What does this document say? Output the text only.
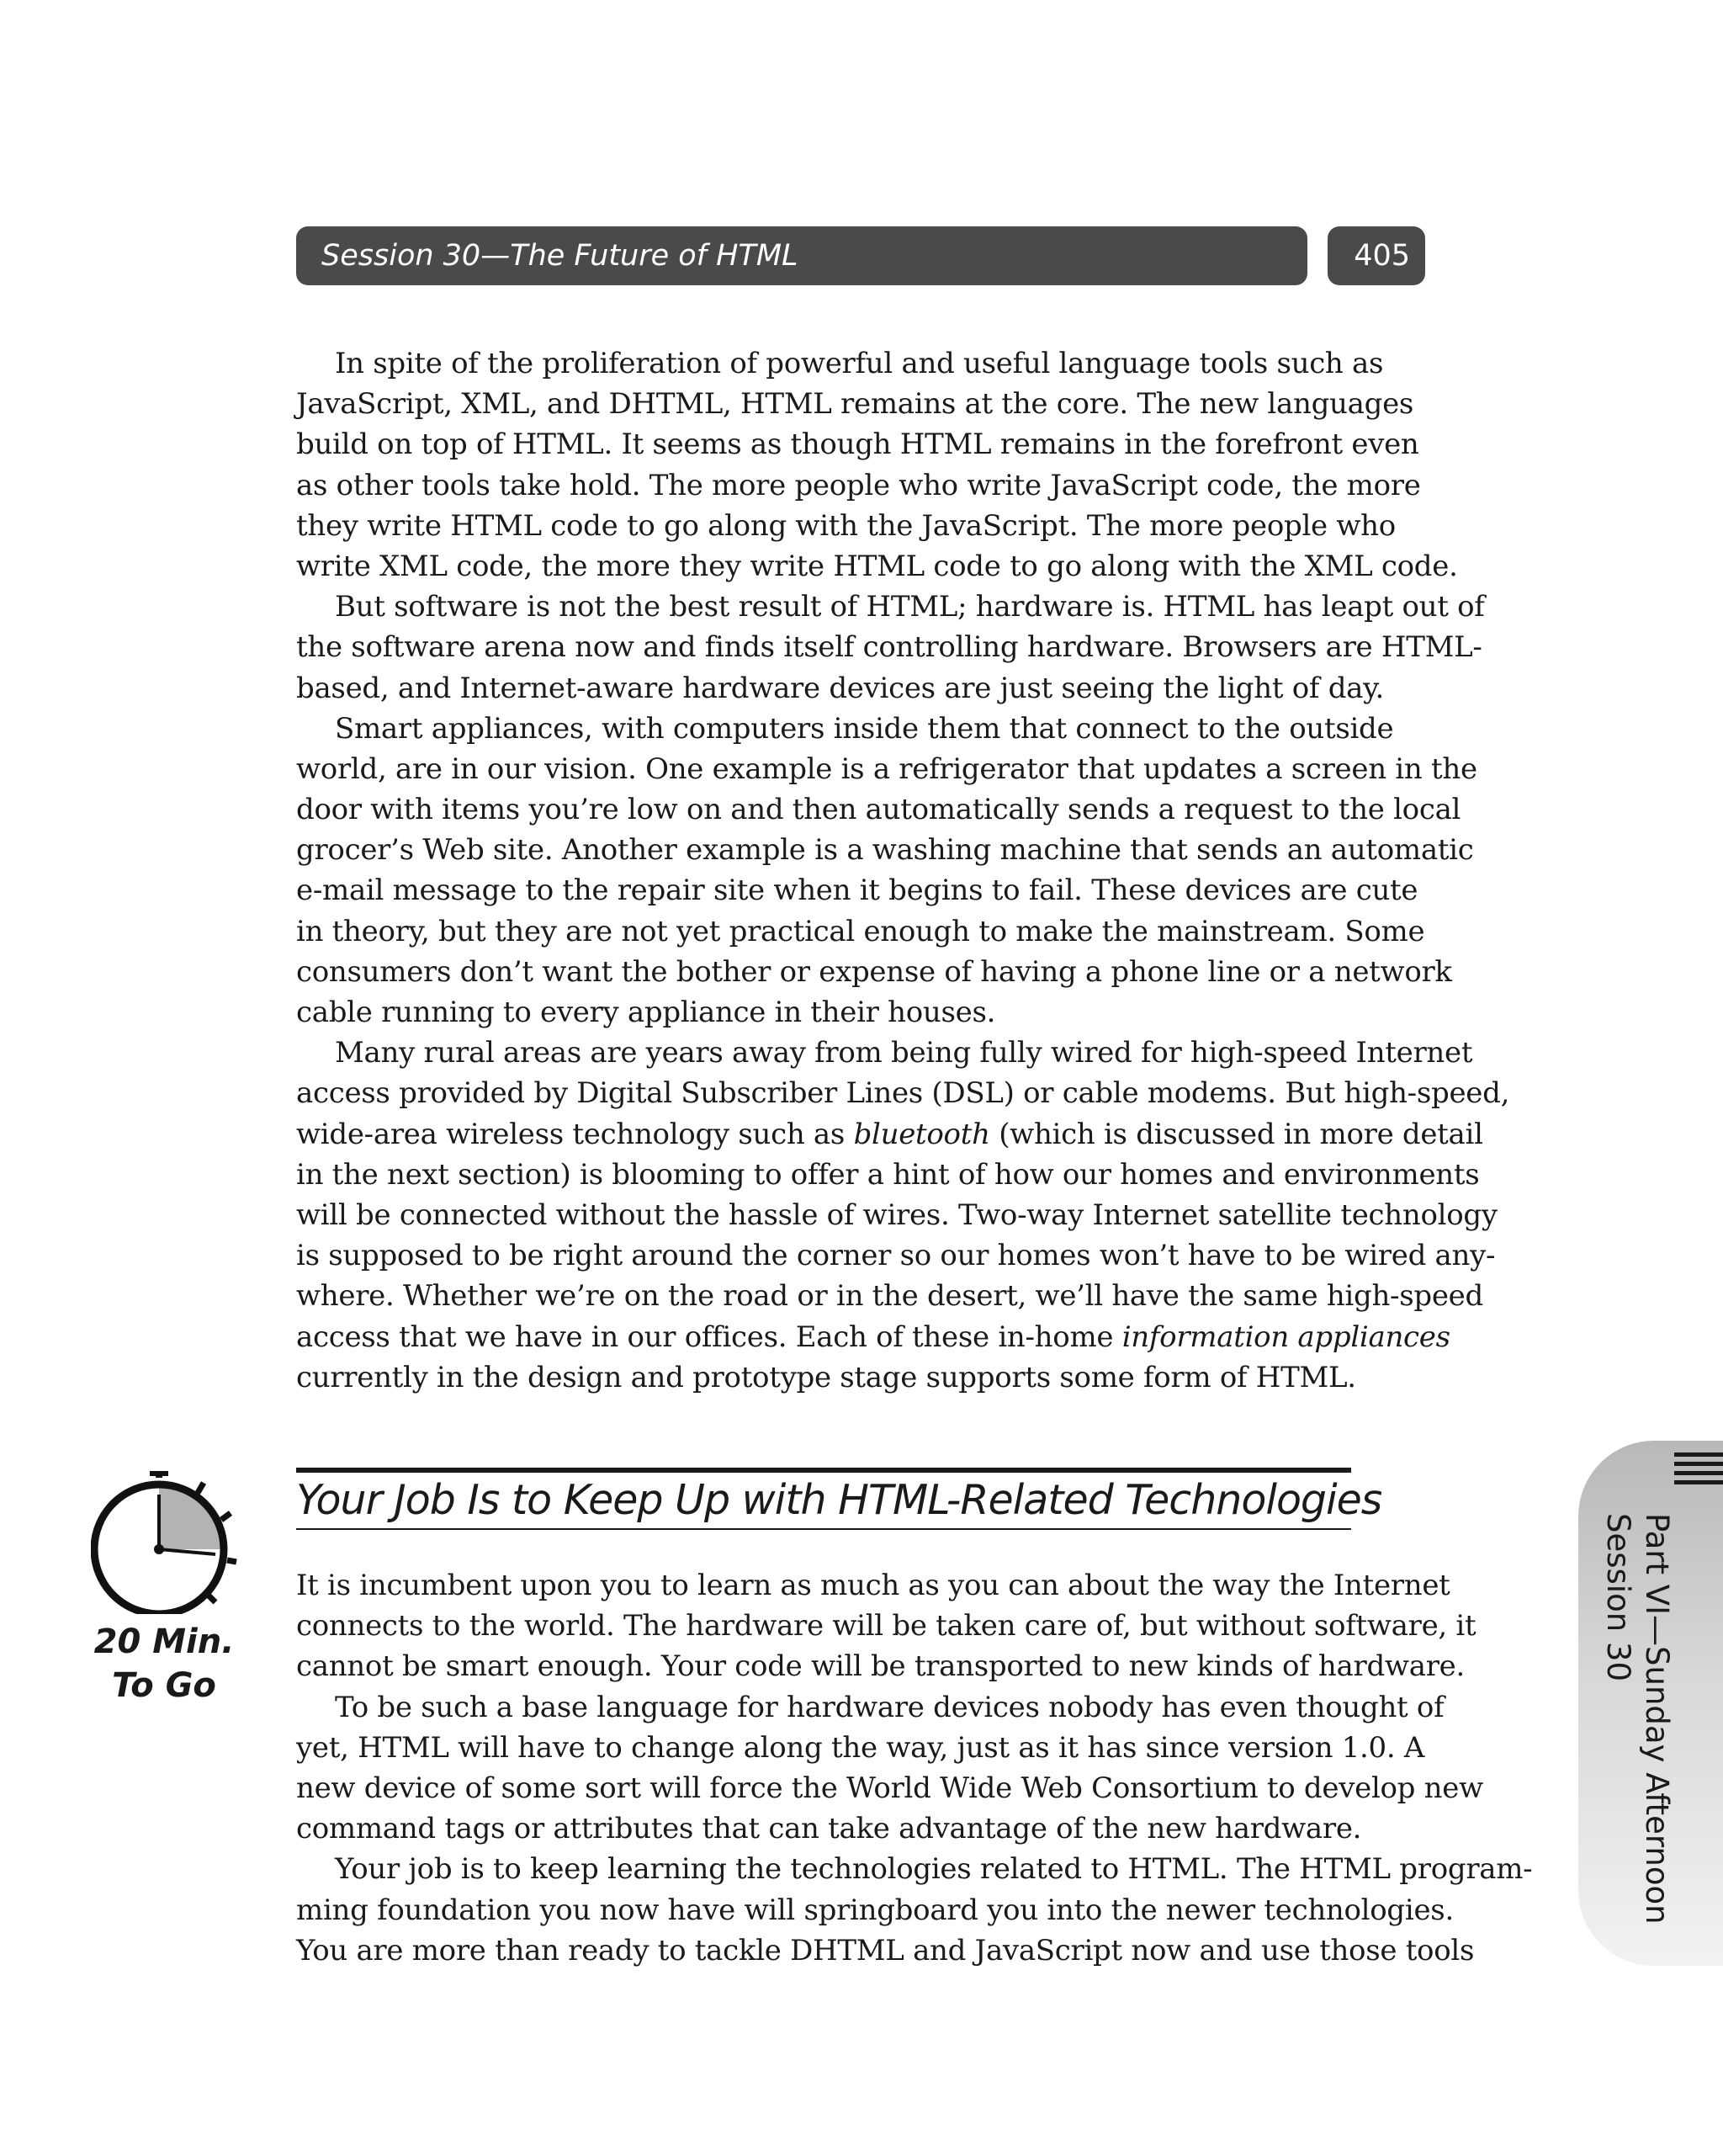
Session 30—The Future of HTML	405
In spite of the proliferation of powerful and useful language tools such as
JavaScript, XML, and DHTML, HTML remains at the core. The new languages
build on top of HTML. It seems as though HTML remains in the forefront even
as other tools take hold. The more people who write JavaScript code, the more
they write HTML code to go along with the JavaScript. The more people who
write XML code, the more they write HTML code to go along with the XML code.
But software is not the best result of HTML; hardware is. HTML has leapt out of
the software arena now and finds itself controlling hardware. Browsers are HTML-
based, and Internet-aware hardware devices are just seeing the light of day.
Smart appliances, with computers inside them that connect to the outside
world, are in our vision. One example is a refrigerator that updates a screen in the
door with items you’re low on and then automatically sends a request to the local
grocer’s Web site. Another example is a washing machine that sends an automatic
e-mail message to the repair site when it begins to fail. These devices are cute
in theory, but they are not yet practical enough to make the mainstream. Some
consumers don’t want the bother or expense of having a phone line or a network
cable running to every appliance in their houses.
Many rural areas are years away from being fully wired for high-speed Internet
access provided by Digital Subscriber Lines (DSL) or cable modems. But high-speed,
wide-area wireless technology such as bluetooth (which is discussed in more detail
in the next section) is blooming to offer a hint of how our homes and environments
will be connected without the hassle of wires. Two-way Internet satellite technology
is supposed to be right around the corner so our homes won’t have to be wired any-
where. Whether we’re on the road or in the desert, we’ll have the same high-speed
access that we have in our offices. Each of these in-home information appliances
currently in the design and prototype stage supports some form of HTML.
20 Min.
To Go
Your Job Is to Keep Up with HTML-Related Technologies
It is incumbent upon you to learn as much as you can about the way the Internet
connects to the world. The hardware will be taken care of, but without software, it
cannot be smart enough. Your code will be transported to new kinds of hardware.
To be such a base language for hardware devices nobody has even thought of
yet, HTML will have to change along the way, just as it has since version 1.0. A
new device of some sort will force the World Wide Web Consortium to develop new
command tags or attributes that can take advantage of the new hardware.
Your job is to keep learning the technologies related to HTML. The HTML program-
ming foundation you now have will springboard you into the newer technologies.
You are more than ready to tackle DHTML and JavaScript now and use those tools
Part VI—Sunday Afternoon
Session 30
